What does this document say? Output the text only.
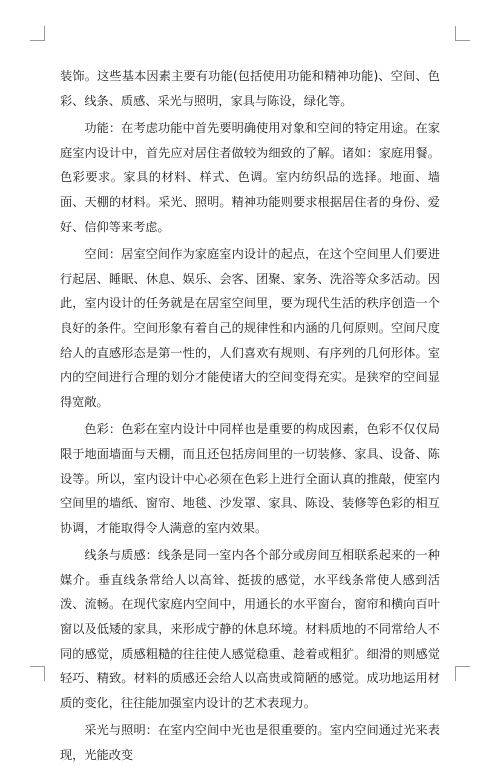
装饰。这些基本因素主要有功能(包括使用功能和精神功能)、空间、色彩、线条、质感、采光与照明，家具与陈设，绿化等。

功能：在考虑功能中首先要明确使用对象和空间的特定用途。在家庭室内设计中，首先应对居住者做较为细致的了解。诸如：家庭用餐。色彩要求。家具的材料、样式、色调。室内纺织品的选择。地面、墙面、天棚的材料。采光、照明。精神功能则要求根据居住者的身份、爱好、信仰等来考虑。

空间：居室空间作为家庭室内设计的起点，在这个空间里人们要进行起居、睡眠、休息、娱乐、会客、团聚、家务、洗浴等众多活动。因此，室内设计的任务就是在居室空间里，要为现代生活的秩序创造一个良好的条件。空间形象有着自己的规律性和内涵的几何原则。空间尺度给人的直感形态是第一性的，人们喜欢有规则、有序列的几何形体。室内的空间进行合理的划分才能使诸大的空间变得充实。是狭窄的空间显得宽敞。

色彩：色彩在室内设计中同样也是重要的构成因素，色彩不仅仅局限于地面墙面与天棚，而且还包括房间里的一切装修、家具、设备、陈设等。所以，室内设计中心必须在色彩上进行全面认真的推敲，使室内空间里的墙纸、窗帘、地毯、沙发罩、家具、陈设、装修等色彩的相互协调，才能取得令人满意的室内效果。

线条与质感：线条是同一室内各个部分或房间互相联系起来的一种媒介。垂直线条常给人以高耸、挺拔的感觉，水平线条常使人感到活泼、流畅。在现代家庭内空间中，用通长的水平窗台，窗帘和横向百叶窗以及低矮的家具，来形成宁静的休息环境。材料质地的不同常给人不同的感觉，质感粗糙的往往使人感觉稳重、趁着或粗犷。细滑的则感觉轻巧、精致。材料的质感还会给人以高贵或简陋的感觉。成功地运用材质的变化，往往能加强室内设计的艺术表现力。

采光与照明：在室内空间中光也是很重要的。室内空间通过光来表现，光能改变
